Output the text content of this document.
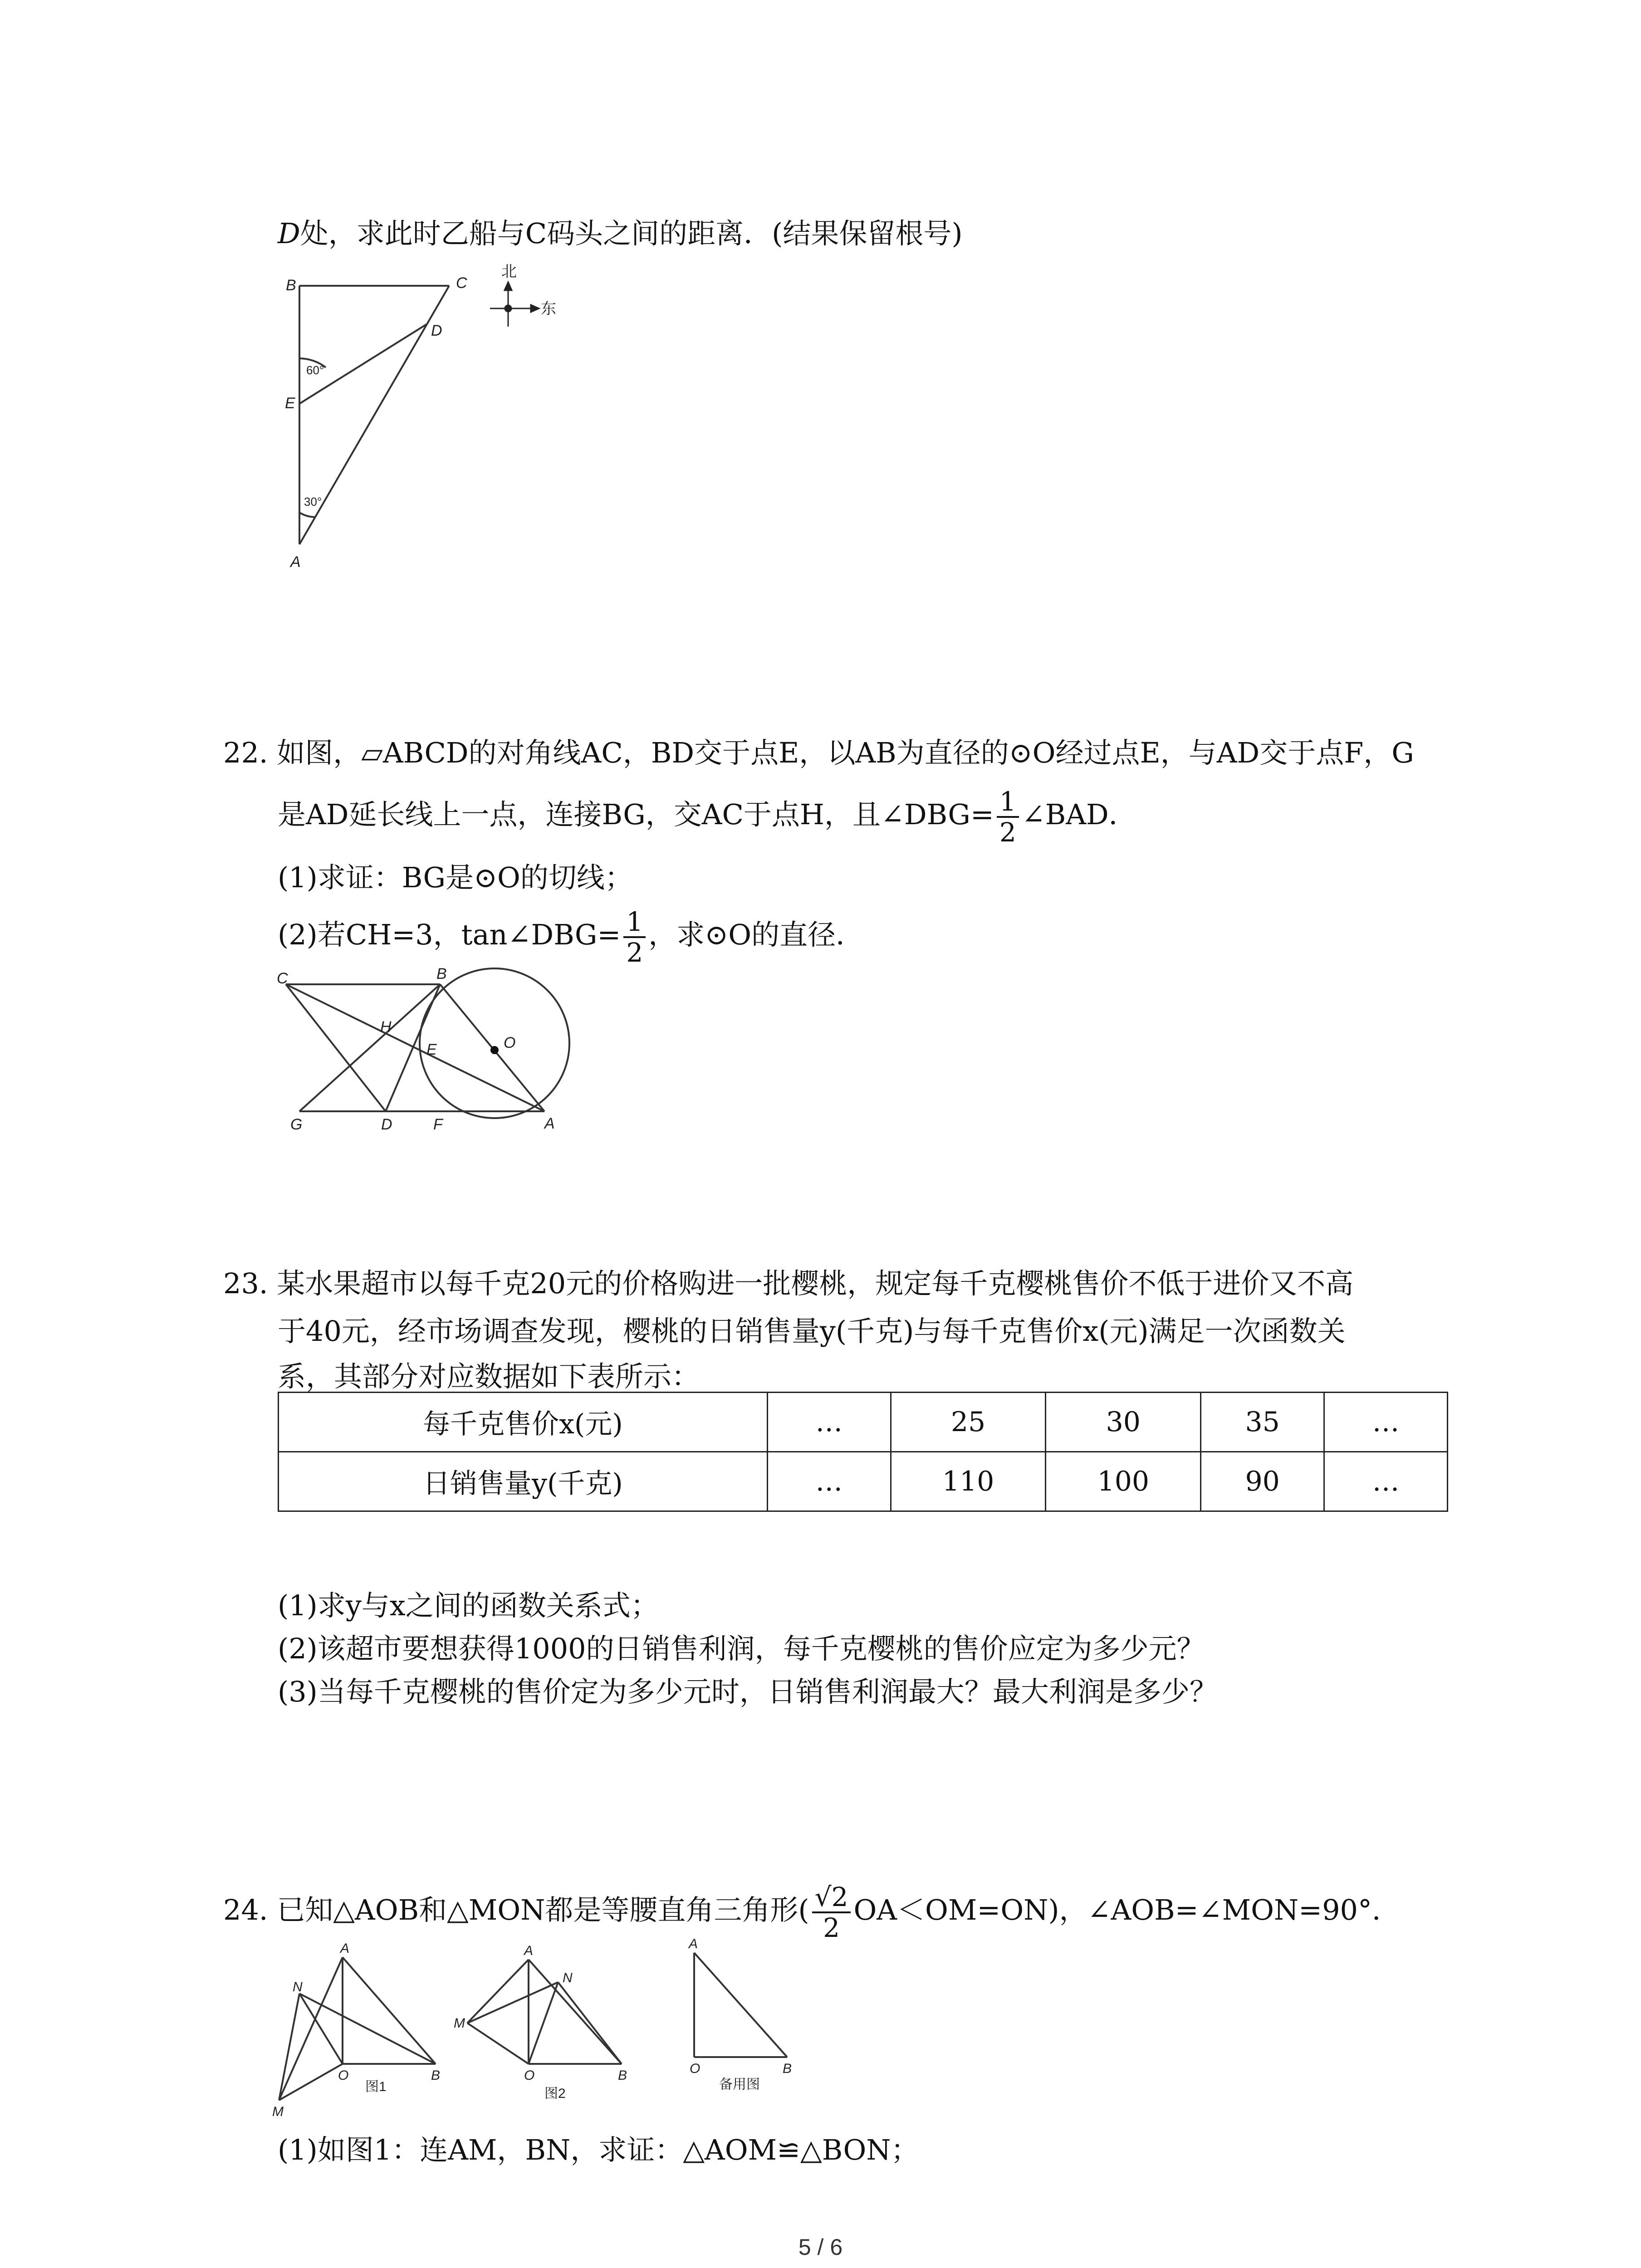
D处，求此时乙船与C码头之间的距离．(结果保留根号)
B	C
D
E
A
60°
30°
北
东
22. 如图，▱ABCD的对角线AC，BD交于点E，以AB为直径的⊙O经过点E，与AD交于点F，G
是AD延长线上一点，连接BG，交AC于点H，且∠DBG= $\frac{1}{2}$ ∠BAD．
(1)求证：BG是⊙O的切线；
(2)若CH=3，tan∠DBG= $\frac{1}{2}$ ，求⊙O的直径．
C	B
H
E	O
G	D	F	A
23. 某水果超市以每千克20元的价格购进一批樱桃，规定每千克樱桃售价不低于进价又不高
于40元，经市场调查发现，樱桃的日销售量y(千克)与每千克售价x(元)满足一次函数关
系，其部分对应数据如下表所示：
每千克售价x(元)	…	25	30	35	…
日销售量y(千克)	…	110	100	90	…
(1)求y与x之间的函数关系式；
(2)该超市要想获得1000的日销售利润，每千克樱桃的售价应定为多少元？
(3)当每千克樱桃的售价定为多少元时，日销售利润最大？最大利润是多少？
24. 已知△AOB和△MON都是等腰直角三角形( $\frac{√2}{2} OA<OM=ON$)，∠AOB=∠MON=90°．
A
N
O	B
M
图1
A
N
M
O	B
图2
A
O	B
备用图
(1)如图1：连AM，BN，求证：△AOM≌△BON；
5 / 6
